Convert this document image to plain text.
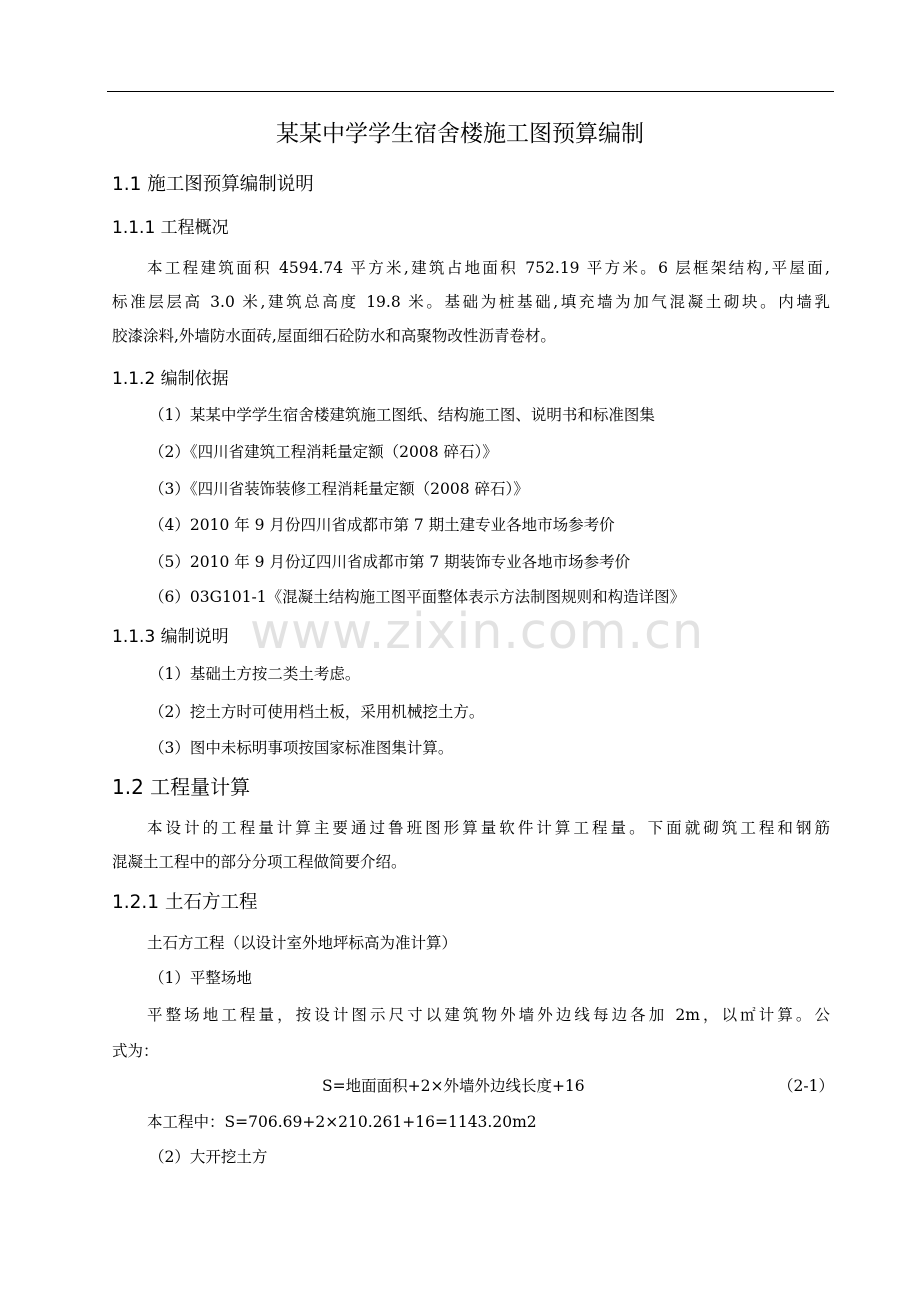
www.zixin.com.cn
某某中学学生宿舍楼施工图预算编制
1.1 施工图预算编制说明
1.1.1 工程概况
本工程建筑面积 4594.74 平方米,建筑占地面积 752.19 平方米。6 层框架结构,平屋面,
标准层层高 3.0 米,建筑总高度 19.8 米。基础为桩基础,填充墙为加气混凝土砌块。内墙乳
胶漆涂料,外墙防水面砖,屋面细石砼防水和高聚物改性沥青卷材。
1.1.2 编制依据
（1）某某中学学生宿舍楼建筑施工图纸、结构施工图、说明书和标准图集
（2）《四川省建筑工程消耗量定额（2008 碎石）》
（3）《四川省装饰装修工程消耗量定额（2008 碎石）》
（4）2010 年 9 月份四川省成都市第 7 期土建专业各地市场参考价
（5）2010 年 9 月份辽四川省成都市第 7 期装饰专业各地市场参考价
（6）03G101-1《混凝土结构施工图平面整体表示方法制图规则和构造详图》
1.1.3 编制说明
（1）基础土方按二类土考虑。
（2）挖土方时可使用档土板，采用机械挖土方。
（3）图中未标明事项按国家标准图集计算。
1.2 工程量计算
本设计的工程量计算主要通过鲁班图形算量软件计算工程量。下面就砌筑工程和钢筋
混凝土工程中的部分分项工程做简要介绍。
1.2.1 土石方工程
土石方工程（以设计室外地坪标高为准计算）
（1）平整场地
平整场地工程量，按设计图示尺寸以建筑物外墙外边线每边各加 2m，以㎡计算。公
式为：
S=地面面积+2×外墙外边线长度+16	（2-1）
本工程中：S=706.69+2×210.261+16=1143.20m2
（2）大开挖土方
